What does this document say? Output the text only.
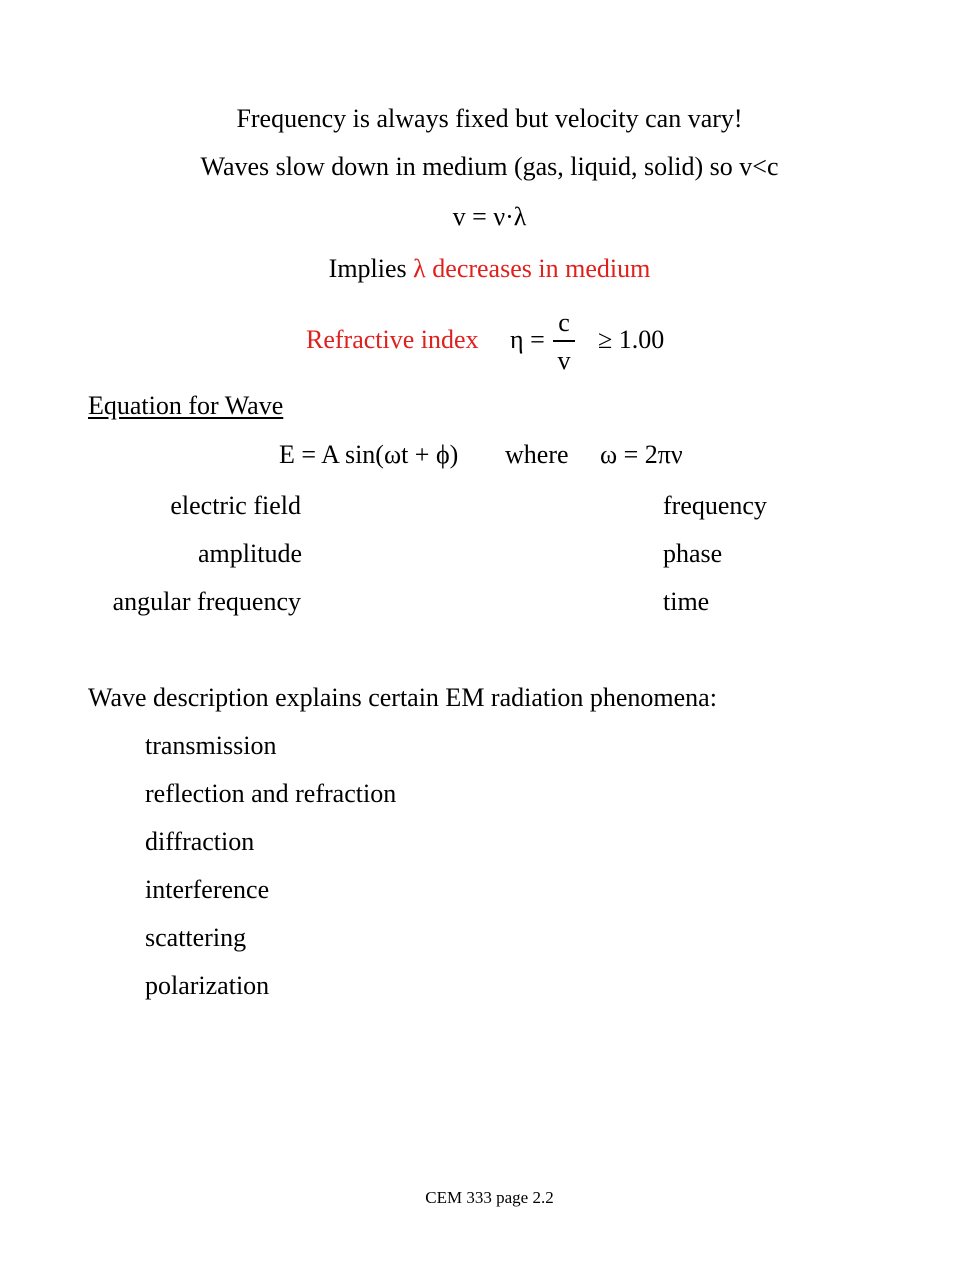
Frequency is always fixed but velocity can vary!
Waves slow down in medium (gas, liquid, solid) so v<c
v = ν·λ
Implies λ decreases in medium
Refractive index η =
c
v
≥ 1.00
Equation for Wave
E = A sin(ωt + ϕ) where ω = 2πν
electric field
amplitude
angular frequency
frequency
phase
time
Wave description explains certain EM radiation phenomena:
transmission
reflection and refraction
diffraction
interference
scattering
polarization
CEM 333 page 2.2
